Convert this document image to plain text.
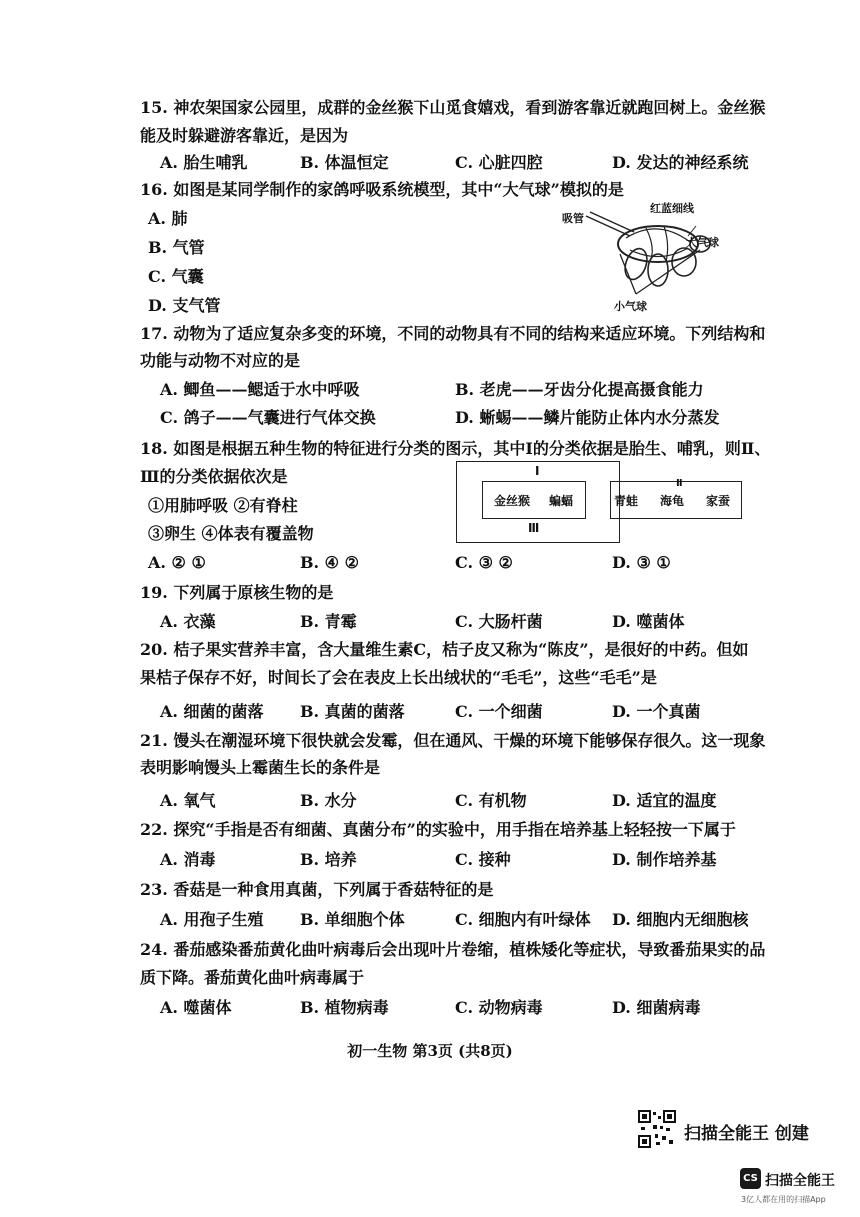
15. 神农架国家公园里，成群的金丝猴下山觅食嬉戏，看到游客靠近就跑回树上。金丝猴
能及时躲避游客靠近，是因为
A. 胎生哺乳	B. 体温恒定	C. 心脏四腔	D. 发达的神经系统
16. 如图是某同学制作的家鸽呼吸系统模型，其中“大气球”模拟的是
A. 肺
B. 气管
C. 气囊
D. 支气管
吸管
红蓝细线
大气球
小气球
17. 动物为了适应复杂多变的环境，不同的动物具有不同的结构来适应环境。下列结构和
功能与动物不对应的是
A. 鲫鱼——鳃适于水中呼吸	B. 老虎——牙齿分化提高摄食能力
C. 鸽子——气囊进行气体交换	D. 蜥蜴——鳞片能防止体内水分蒸发
18. 如图是根据五种生物的特征进行分类的图示，其中Ⅰ的分类依据是胎生、哺乳，则Ⅱ、
Ⅲ的分类依据依次是
①用肺呼吸 ②有脊柱
③卵生 ④体表有覆盖物
A. ② ①	B. ④ ②	C. ③ ②	D. ③ ①
I
Ⅱ
Ⅲ
金丝猴 蝙蝠	青蛙 海龟 家蚕
19. 下列属于原核生物的是
A. 衣藻	B. 青霉	C. 大肠杆菌	D. 噬菌体
20. 桔子果实营养丰富，含大量维生素C，桔子皮又称为“陈皮”，是很好的中药。但如
果桔子保存不好，时间长了会在表皮上长出绒状的“毛毛”，这些“毛毛”是
A. 细菌的菌落 B. 真菌的菌落	C. 一个细菌	D. 一个真菌
21. 馒头在潮湿环境下很快就会发霉，但在通风、干燥的环境下能够保存很久。这一现象
表明影响馒头上霉菌生长的条件是
A. 氧气	B. 水分	C. 有机物	D. 适宜的温度
22. 探究“手指是否有细菌、真菌分布”的实验中，用手指在培养基上轻轻按一下属于
A. 消毒	B. 培养	C. 接种	D. 制作培养基
23. 香菇是一种食用真菌，下列属于香菇特征的是
A. 用孢子生殖 B. 单细胞个体	C. 细胞内有叶绿体 D. 细胞内无细胞核
24. 番茄感染番茄黄化曲叶病毒后会出现叶片卷缩，植株矮化等症状，导致番茄果实的品
质下降。番茄黄化曲叶病毒属于
A. 噬菌体	B. 植物病毒	C. 动物病毒	D. 细菌病毒
初一生物 第3页 (共8页)
扫描全能王 创建
CS 扫描全能王
3亿人都在用的扫描App
